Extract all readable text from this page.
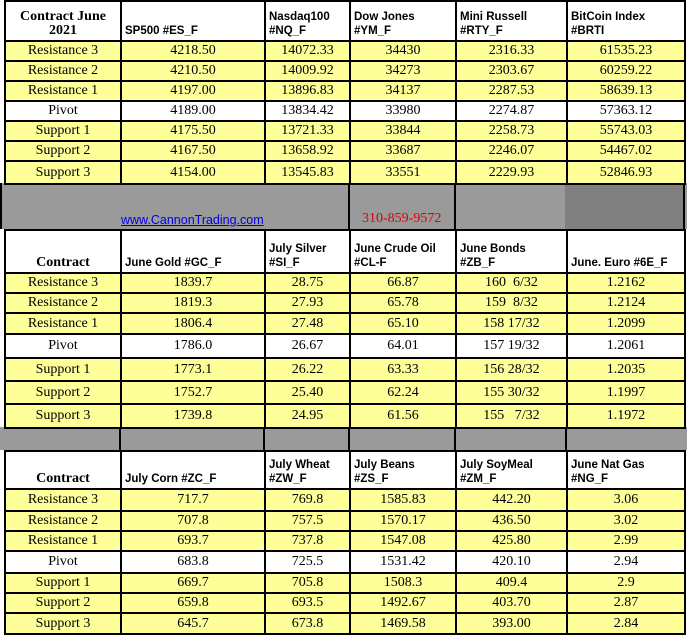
www.CannonTrading.com	310-859-9572
Contract June 2021	SP500 #ES_F	Nasdaq100 #NQ_F	Dow Jones #YM_F	Mini Russell #RTY_F	BitCoin Index #BRTI
Resistance 3	4218.50	14072.33	34430	2316.33	61535.23
Resistance 2	4210.50	14009.92	34273	2303.67	60259.22
Resistance 1	4197.00	13896.83	34137	2287.53	58639.13
Pivot	4189.00	13834.42	33980	2274.87	57363.12
Support 1	4175.50	13721.33	33844	2258.73	55743.03
Support 2	4167.50	13658.92	33687	2246.07	54467.02
Support 3	4154.00	13545.83	33551	2229.93	52846.93
Contract	June Gold #GC_F	July Silver #SI_F	June Crude Oil #CL-F	June Bonds #ZB_F	June. Euro #6E_F
Resistance 3	1839.7	28.75	66.87	160  6/32	1.2162
Resistance 2	1819.3	27.93	65.78	159  8/32	1.2124
Resistance 1	1806.4	27.48	65.10	158 17/32	1.2099
Pivot	1786.0	26.67	64.01	157 19/32	1.2061
Support 1	1773.1	26.22	63.33	156 28/32	1.2035
Support 2	1752.7	25.40	62.24	155 30/32	1.1997
Support 3	1739.8	24.95	61.56	155   7/32	1.1972
Contract	July Corn #ZC_F	July Wheat #ZW_F	July Beans #ZS_F	July SoyMeal #ZM_F	June Nat Gas #NG_F
Resistance 3	717.7	769.8	1585.83	442.20	3.06
Resistance 2	707.8	757.5	1570.17	436.50	3.02
Resistance 1	693.7	737.8	1547.08	425.80	2.99
Pivot	683.8	725.5	1531.42	420.10	2.94
Support 1	669.7	705.8	1508.3	409.4	2.9
Support 2	659.8	693.5	1492.67	403.70	2.87
Support 3	645.7	673.8	1469.58	393.00	2.84
